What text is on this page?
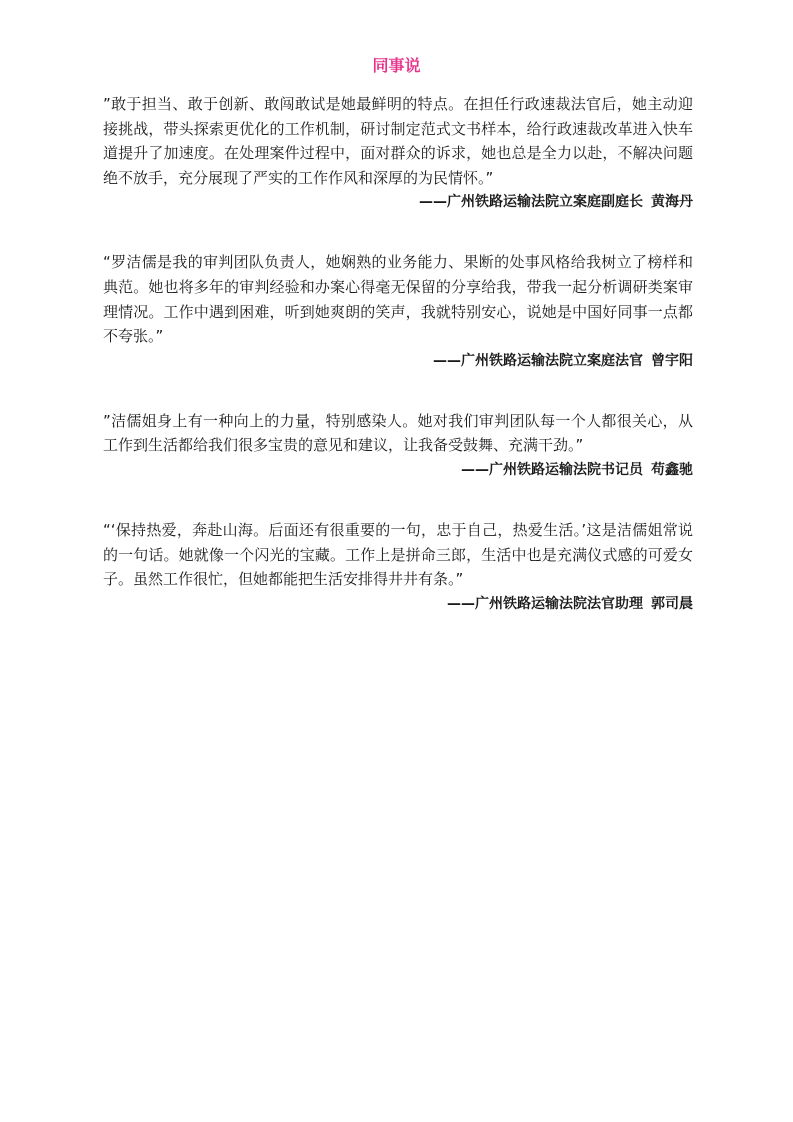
同事说

”敢于担当、敢于创新、敢闯敢试是她最鲜明的特点。在担任行政速裁法官后，她主动迎接挑战，带头探索更优化的工作机制，研讨制定范式文书样本，给行政速裁改革进入快车道提升了加速度。在处理案件过程中，面对群众的诉求，她也总是全力以赴，不解决问题绝不放手，充分展现了严实的工作作风和深厚的为民情怀。”

——广州铁路运输法院立案庭副庭长 黄海丹

“罗洁儒是我的审判团队负责人，她娴熟的业务能力、果断的处事风格给我树立了榜样和典范。她也将多年的审判经验和办案心得毫无保留的分享给我，带我一起分析调研类案审理情况。工作中遇到困难，听到她爽朗的笑声，我就特别安心，说她是中国好同事一点都不夸张。”

——广州铁路运输法院立案庭法官 曾宇阳

”洁儒姐身上有一种向上的力量，特别感染人。她对我们审判团队每一个人都很关心，从工作到生活都给我们很多宝贵的意见和建议，让我备受鼓舞、充满干劲。”

——广州铁路运输法院书记员 苟鑫驰

“‘保持热爱，奔赴山海。后面还有很重要的一句，忠于自己，热爱生活。’这是洁儒姐常说的一句话。她就像一个闪光的宝藏。工作上是拼命三郎，生活中也是充满仪式感的可爱女子。虽然工作很忙，但她都能把生活安排得井井有条。”

——广州铁路运输法院法官助理 郭司晨
